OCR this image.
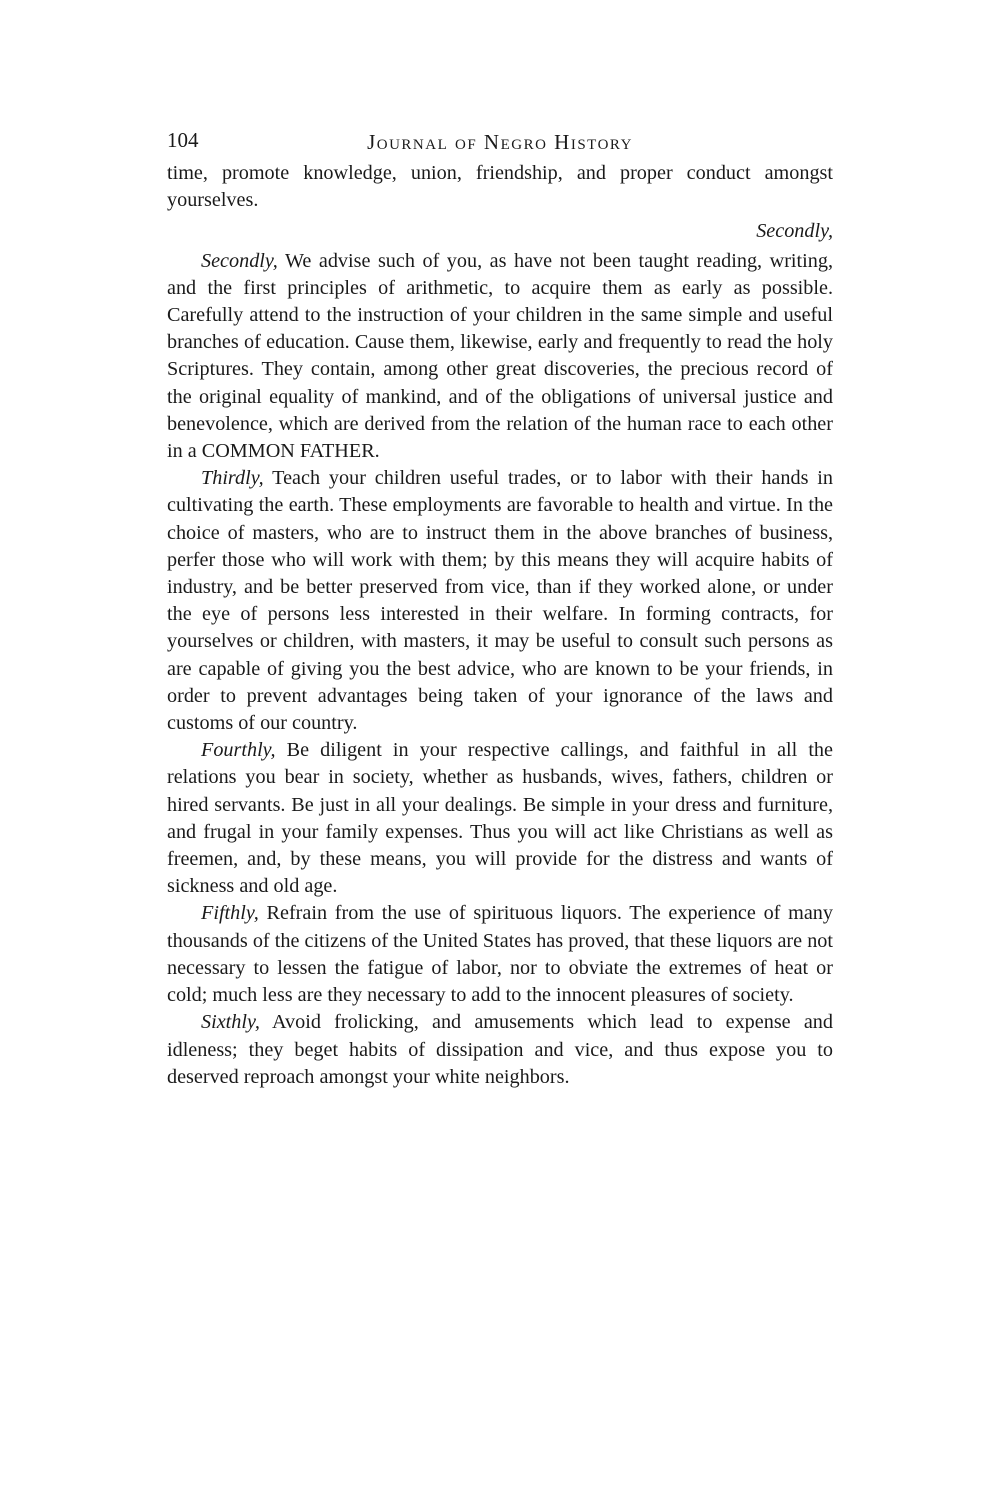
104	Journal of Negro History

time, promote knowledge, union, friendship, and proper conduct amongst yourselves.

Secondly,

Secondly, We advise such of you, as have not been taught reading, writing, and the first principles of arithmetic, to acquire them as early as possible. Carefully attend to the instruction of your children in the same simple and useful branches of education. Cause them, likewise, early and frequently to read the holy Scriptures. They contain, among other great discoveries, the precious record of the original equality of mankind, and of the obligations of universal justice and benevolence, which are derived from the relation of the human race to each other in a COMMON FATHER.

Thirdly, Teach your children useful trades, or to labor with their hands in cultivating the earth. These employments are favorable to health and virtue. In the choice of masters, who are to instruct them in the above branches of business, perfer those who will work with them; by this means they will acquire habits of industry, and be better preserved from vice, than if they worked alone, or under the eye of persons less interested in their welfare. In forming contracts, for yourselves or children, with masters, it may be useful to consult such persons as are capable of giving you the best advice, who are known to be your friends, in order to prevent advantages being taken of your ignorance of the laws and customs of our country.

Fourthly, Be diligent in your respective callings, and faithful in all the relations you bear in society, whether as husbands, wives, fathers, children or hired servants. Be just in all your dealings. Be simple in your dress and furniture, and frugal in your family expenses. Thus you will act like Christians as well as freemen, and, by these means, you will provide for the distress and wants of sickness and old age.

Fifthly, Refrain from the use of spirituous liquors. The experience of many thousands of the citizens of the United States has proved, that these liquors are not necessary to lessen the fatigue of labor, nor to obviate the extremes of heat or cold; much less are they necessary to add to the innocent pleasures of society.

Sixthly, Avoid frolicking, and amusements which lead to expense and idleness; they beget habits of dissipation and vice, and thus expose you to deserved reproach amongst your white neighbors.
